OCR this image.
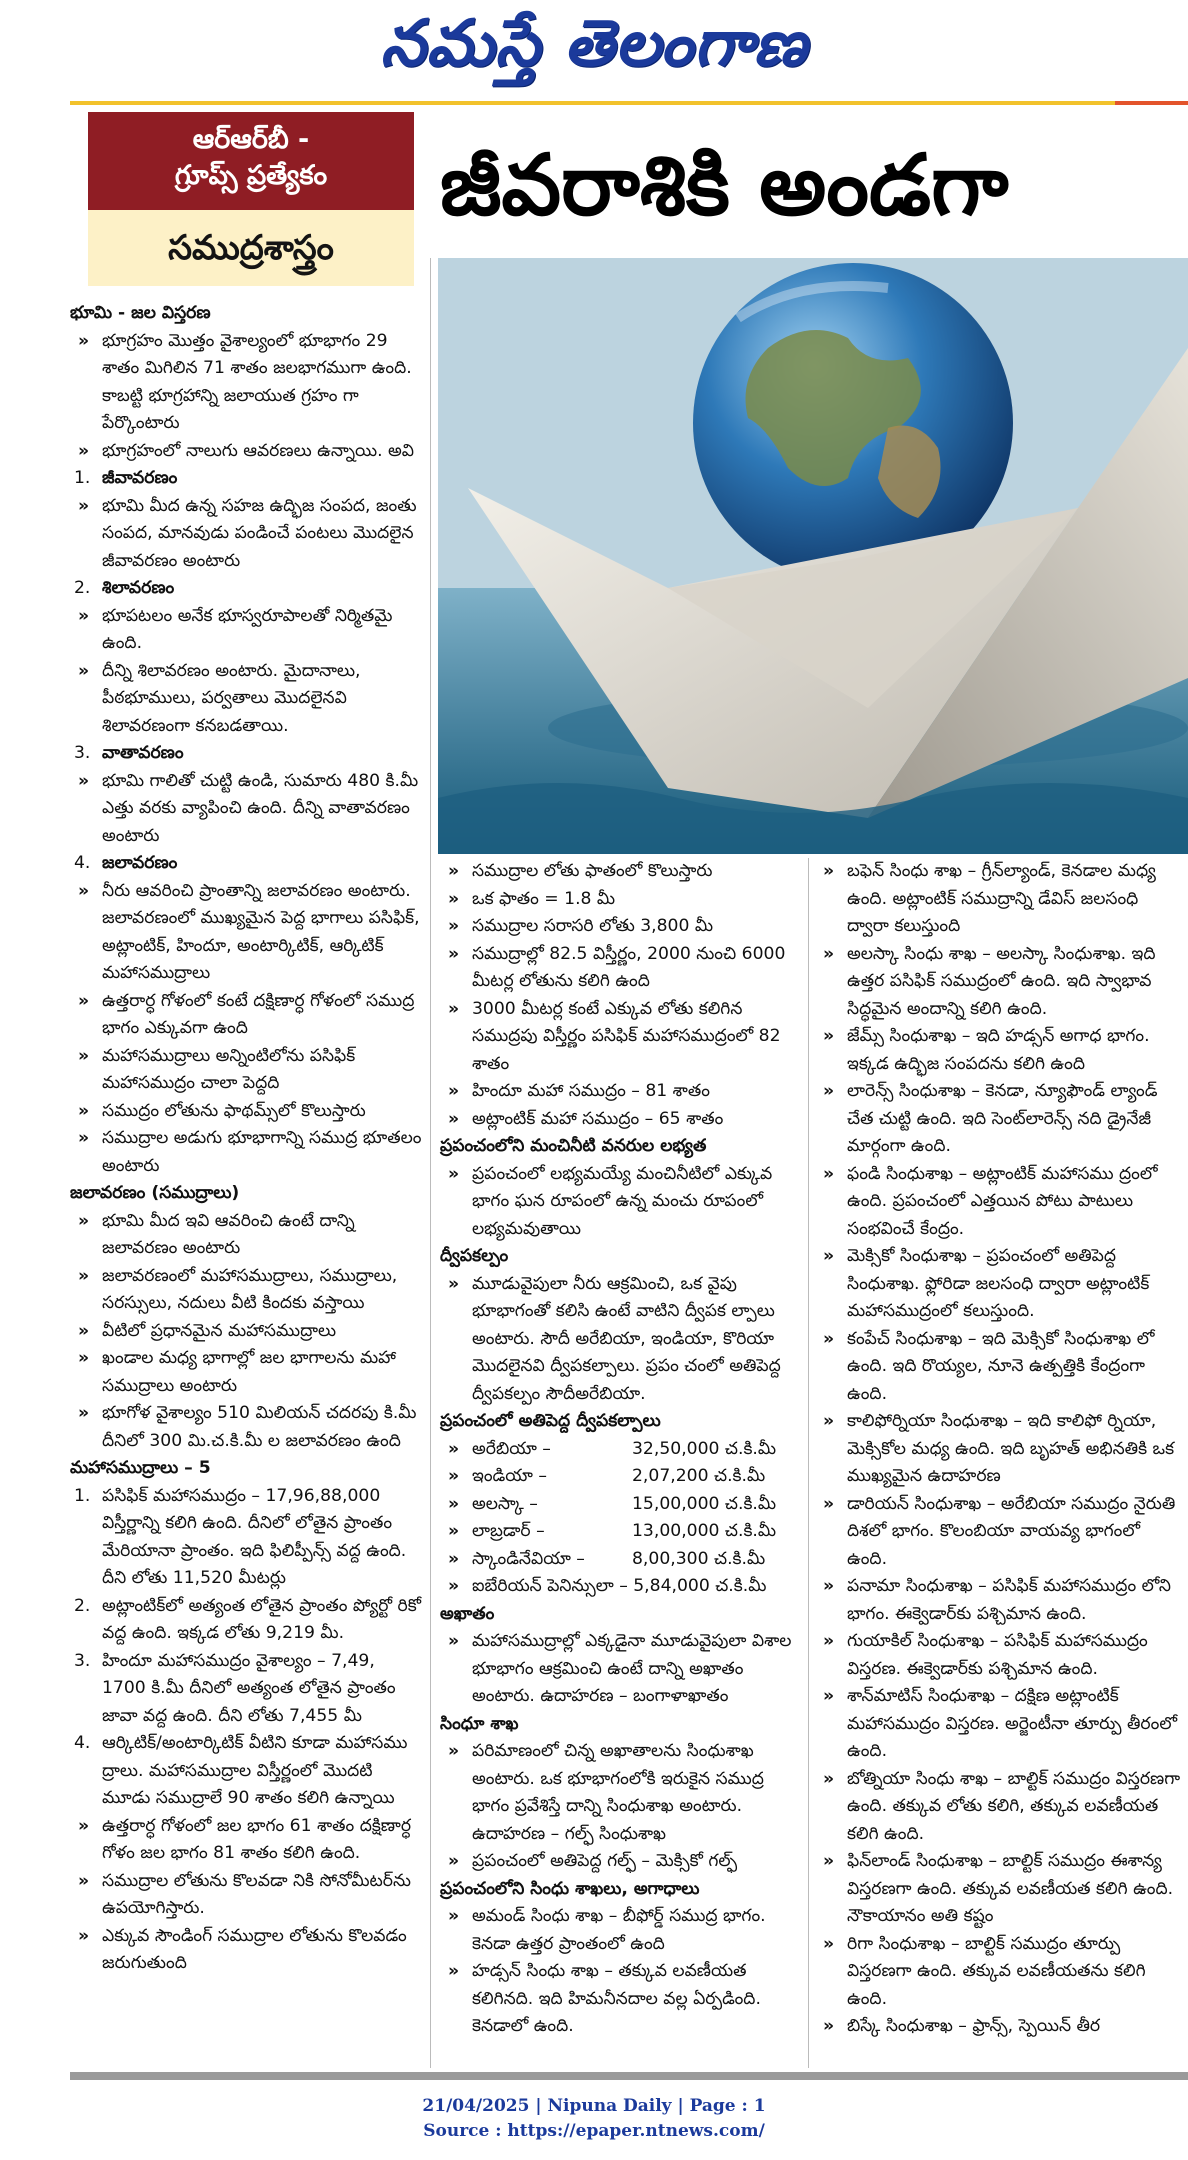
నమస్తే తెలంగాణ
ఆర్ఆర్‌బీ -
గ్రూప్స్ ప్రత్యేకం
సముద్రశాస్త్రం
జీవరాశికి అండగా

భూమి - జల విస్తరణ

» భూగ్రహం మొత్తం వైశాల్యంలో భూభాగం 29 శాతం మిగిలిన 71 శాతం జలభాగముగా ఉంది. కాబట్టి భూగ్రహాన్ని జలాయుత గ్రహం గా పేర్కొంటారు

» భూగ్రహంలో నాలుగు ఆవరణలు ఉన్నాయి. అవి

1. జీవావరణం

» భూమి మీద ఉన్న సహజ ఉద్భిజ సంపద, జంతు సంపద, మానవుడు పండించే పంటలు మొదలైన జీవావరణం అంటారు

2. శిలావరణం

» భూపటలం అనేక భూస్వరూపాలతో నిర్మితమై ఉంది.

» దీన్ని శిలావరణం అంటారు. మైదానాలు, పీఠభూములు, పర్వతాలు మొదలైనవి శిలావరణంగా కనబడతాయి.

3. వాతావరణం

» భూమి గాలితో చుట్టి ఉండి, సుమారు 480 కి.మీ ఎత్తు వరకు వ్యాపించి ఉంది. దీన్ని వాతావరణం అంటారు

4. జలావరణం

» నీరు ఆవరించి ప్రాంతాన్ని జలావరణం అంటారు. జలావరణంలో ముఖ్యమైన పెద్ద భాగాలు పసిఫిక్, అట్లాంటిక్, హిందూ, అంటార్కిటిక్, ఆర్కిటిక్ మహాసముద్రాలు

» ఉత్తరార్ధ గోళంలో కంటే దక్షిణార్ధ గోళంలో సముద్ర భాగం ఎక్కువగా ఉంది

» మహాసముద్రాలు అన్నింటిలోను పసిఫిక్ మహాసముద్రం చాలా పెద్దది

» సముద్రం లోతును ఫాథమ్స్‌లో కొలుస్తారు

» సముద్రాల అడుగు భూభాగాన్ని సముద్ర భూతలం అంటారు

జలావరణం (సముద్రాలు)

» భూమి మీద ఇవి ఆవరించి ఉంటే దాన్ని జలావరణం అంటారు

» జలావరణంలో మహాసముద్రాలు, సముద్రాలు, సరస్సులు, నదులు వీటి కిందకు వస్తాయి

» వీటిలో ప్రధానమైన మహాసముద్రాలు

» ఖండాల మధ్య భాగాల్లో జల భాగాలను మహా సముద్రాలు అంటారు

» భూగోళ వైశాల్యం 510 మిలియన్ చదరపు కి.మీ దీనిలో 300 మి.చ.కి.మీ ల జలావరణం ఉంది

మహాసముద్రాలు – 5

1. పసిఫిక్ మహాసముద్రం – 17,96,88,000 విస్తీర్ణాన్ని కలిగి ఉంది. దీనిలో లోతైన ప్రాంతం మేరియానా ప్రాంతం. ఇది ఫిలిప్పీన్స్ వద్ద ఉంది. దీని లోతు 11,520 మీటర్లు

2. అట్లాంటిక్‌లో అత్యంత లోతైన ప్రాంతం ప్యోర్టో రికో వద్ద ఉంది. ఇక్కడ లోతు 9,219 మీ.

3. హిందూ మహాసముద్రం వైశాల్యం – 7,49, 1700 కి.మీ దీనిలో అత్యంత లోతైన ప్రాంతం జావా వద్ద ఉంది. దీని లోతు 7,455 మీ

4. ఆర్కిటిక్/అంటార్కిటిక్ వీటిని కూడా మహాసము ద్రాలు. మహాసముద్రాల విస్తీర్ణంలో మొదటి మూడు సముద్రాలే 90 శాతం కలిగి ఉన్నాయి

» ఉత్తరార్ధ గోళంలో జల భాగం 61 శాతం దక్షిణార్ధ గోళం జల భాగం 81 శాతం కలిగి ఉంది.

» సముద్రాల లోతును కొలవడా నికి సోనోమీటర్‌ను ఉపయోగిస్తారు.

» ఎక్కువ సౌండింగ్ సముద్రాల లోతును కొలవడం జరుగుతుంది

» సముద్రాల లోతు ఫాతంలో కొలుస్తారు

» ఒక ఫాతం = 1.8 మీ

» సముద్రాల సరాసరి లోతు 3,800 మీ

» సముద్రాల్లో 82.5 విస్తీర్ణం, 2000 నుంచి 6000 మీటర్ల లోతును కలిగి ఉంది

» 3000 మీటర్ల కంటే ఎక్కువ లోతు కలిగిన సముద్రపు విస్తీర్ణం పసిఫిక్ మహాసముద్రంలో 82 శాతం

» హిందూ మహా సముద్రం – 81 శాతం

» అట్లాంటిక్ మహా సముద్రం – 65 శాతం

ప్రపంచంలోని మంచినీటి వనరుల లభ్యత

» ప్రపంచంలో లభ్యమయ్యే మంచినీటిలో ఎక్కువ భాగం ఘన రూపంలో ఉన్న మంచు రూపంలో లభ్యమవుతాయి

ద్వీపకల్పం

» మూడువైపులా నీరు ఆక్రమించి, ఒక వైపు భూభాగంతో కలిసి ఉంటే వాటిని ద్వీపక ల్పాలు అంటారు. సౌదీ అరేబియా, ఇండియా, కొరియా మొదలైనవి ద్వీపకల్పాలు. ప్రపం చంలో అతిపెద్ద ద్వీపకల్పం సౌదీఅరేబియా.

ప్రపంచంలో అతిపెద్ద ద్వీపకల్పాలు

» అరేబియా –	32,50,000 చ.కి.మీ

» ఇండియా –	2,07,200 చ.కి.మీ

» అలస్కా –	15,00,000 చ.కి.మీ

» లాబ్రడార్ –	13,00,000 చ.కి.మీ

» స్కాండినేవియా –	8,00,300 చ.కి.మీ

» ఐబేరియన్ పెనిన్సులా – 5,84,000 చ.కి.మీ

అఖాతం

» మహాసముద్రాల్లో ఎక్కడైనా మూడువైపులా విశాల భూభాగం ఆక్రమించి ఉంటే దాన్ని అఖాతం అంటారు. ఉదాహరణ – బంగాళాఖాతం

సింధూ శాఖ

» పరిమాణంలో చిన్న అఖాతాలను సింధుశాఖ అంటారు. ఒక భూభాగంలోకి ఇరుకైన సముద్ర భాగం ప్రవేశిస్తే దాన్ని సింధుశాఖ అంటారు. ఉదాహరణ – గల్ఫ్ సింధుశాఖ

» ప్రపంచంలో అతిపెద్ద గల్ఫ్ – మెక్సికో గల్ఫ్

ప్రపంచంలోని సింధు శాఖలు, అగాధాలు

» అమండ్ సింధు శాఖ – బీఫోర్డ్ సముద్ర భాగం. కెనడా ఉత్తర ప్రాంతంలో ఉంది

» హడ్సన్ సింధు శాఖ – తక్కువ లవణీయత కలిగినది. ఇది హిమనీనదాల వల్ల ఏర్పడింది. కెనడాలో ఉంది.

» బఫెన్ సింధు శాఖ – గ్రీన్‌ల్యాండ్, కెనడాల మధ్య ఉంది. అట్లాంటిక్ సముద్రాన్ని డేవిస్ జలసంధి ద్వారా కలుస్తుంది

» అలస్కా సింధు శాఖ – అలస్కా సింధుశాఖ. ఇది ఉత్తర పసిఫిక్ సముద్రంలో ఉంది. ఇది స్వాభావ సిద్ధమైన అందాన్ని కలిగి ఉంది.

» జేమ్స్ సింధుశాఖ – ఇది హడ్సన్ అగాధ భాగం. ఇక్కడ ఉద్భిజ సంపదను కలిగి ఉంది

» లారెన్స్ సింధుశాఖ – కెనడా, న్యూఫౌండ్ ల్యాండ్ చేత చుట్టి ఉంది. ఇది సెంట్‌లారెన్స్ నది డ్రైనేజీ మార్గంగా ఉంది.

» ఫండి సింధుశాఖ – అట్లాంటిక్ మహాసము ద్రంలో ఉంది. ప్రపంచంలో ఎత్తయిన పోటు పాటులు సంభవించే కేంద్రం.

» మెక్సికో సింధుశాఖ – ప్రపంచంలో అతిపెద్ద సింధుశాఖ. ఫ్లోరిడా జలసంధి ద్వారా అట్లాంటిక్ మహాసముద్రంలో కలుస్తుంది.

» కంపేచ్ సింధుశాఖ – ఇది మెక్సికో సింధుశాఖ లో ఉంది. ఇది రొయ్యల, నూనె ఉత్పత్తికి కేంద్రంగా ఉంది.

» కాలిఫోర్నియా సింధుశాఖ – ఇది కాలిఫో ర్నియా, మెక్సికోల మధ్య ఉంది. ఇది బృహత్ అభినతికి ఒక ముఖ్యమైన ఉదాహరణ

» డారియన్ సింధుశాఖ – అరేబియా సముద్రం నైరుతి దిశలో భాగం. కొలంబియా వాయవ్య భాగంలో ఉంది.

» పనామా సింధుశాఖ – పసిఫిక్ మహాసముద్రం లోని భాగం. ఈక్వెడార్‌కు పశ్చిమాన ఉంది.

» గుయాకిల్ సింధుశాఖ – పసిఫిక్ మహాసముద్రం విస్తరణ. ఈక్వెడార్‌కు పశ్చిమాన ఉంది.

» శాన్‌మాటిస్ సింధుశాఖ – దక్షిణ అట్లాంటిక్ మహాసముద్రం విస్తరణ. అర్జెంటీనా తూర్పు తీరంలో ఉంది.

» బోత్నియా సింధు శాఖ – బాల్టిక్ సముద్రం విస్తరణగా ఉంది. తక్కువ లోతు కలిగి, తక్కువ లవణీయత కలిగి ఉంది.

» ఫిన్‌లాండ్ సింధుశాఖ – బాల్టిక్ సముద్రం ఈశాన్య విస్తరణగా ఉంది. తక్కువ లవణీయత కలిగి ఉంది. నౌకాయానం అతి కష్టం

» రిగా సింధుశాఖ – బాల్టిక్ సముద్రం తూర్పు విస్తరణగా ఉంది. తక్కువ లవణీయతను కలిగి ఉంది.

» బిస్కే సింధుశాఖ – ఫ్రాన్స్, స్పెయిన్ తీర

21/04/2025 | Nipuna Daily | Page : 1
Source : https://epaper.ntnews.com/
